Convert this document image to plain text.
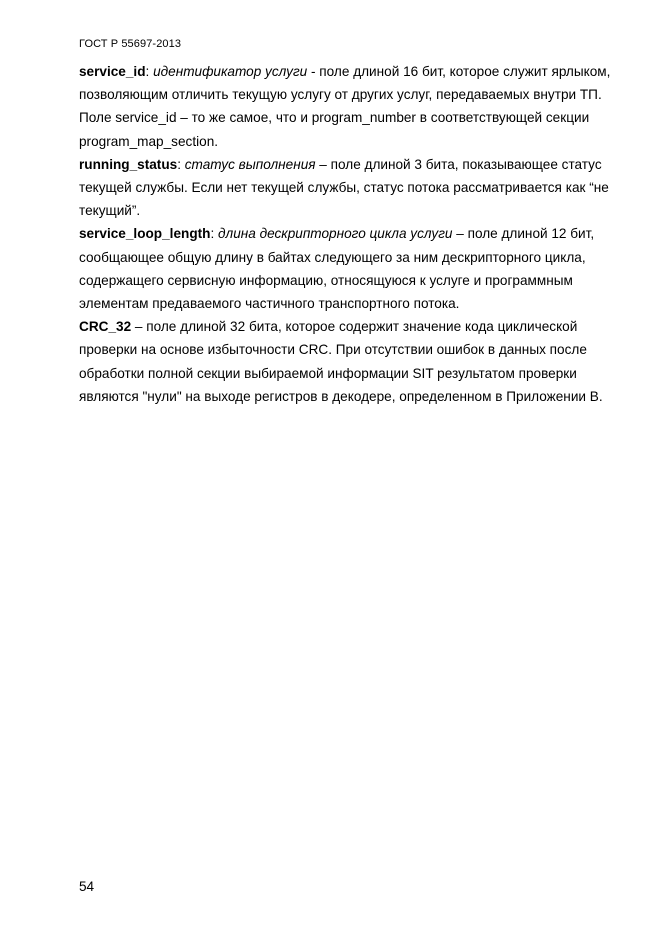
ГОСТ Р 55697-2013

service_id: идентификатор услуги - поле длиной 16 бит, которое служит ярлыком, позволяющим отличить текущую услугу от других услуг, передаваемых внутри ТП. Поле service_id – то же самое, что и program_number в соответствующей секции program_map_section.

running_status: статус выполнения – поле длиной 3 бита, показывающее статус текущей службы. Если нет текущей службы, статус потока рассматривается как “не текущий”.

service_loop_length: длина дескрипторного цикла услуги – поле длиной 12 бит, сообщающее общую длину в байтах следующего за ним дескрипторного цикла, содержащего сервисную информацию, относящуюся к услуге и программным элементам предаваемого частичного транспортного потока.

CRC_32 – поле длиной 32 бита, которое содержит значение кода циклической проверки на основе избыточности CRC. При отсутствии ошибок в данных после обработки полной секции выбираемой информации SIT результатом проверки являются "нули" на выходе регистров в декодере, определенном в Приложении В.

54
